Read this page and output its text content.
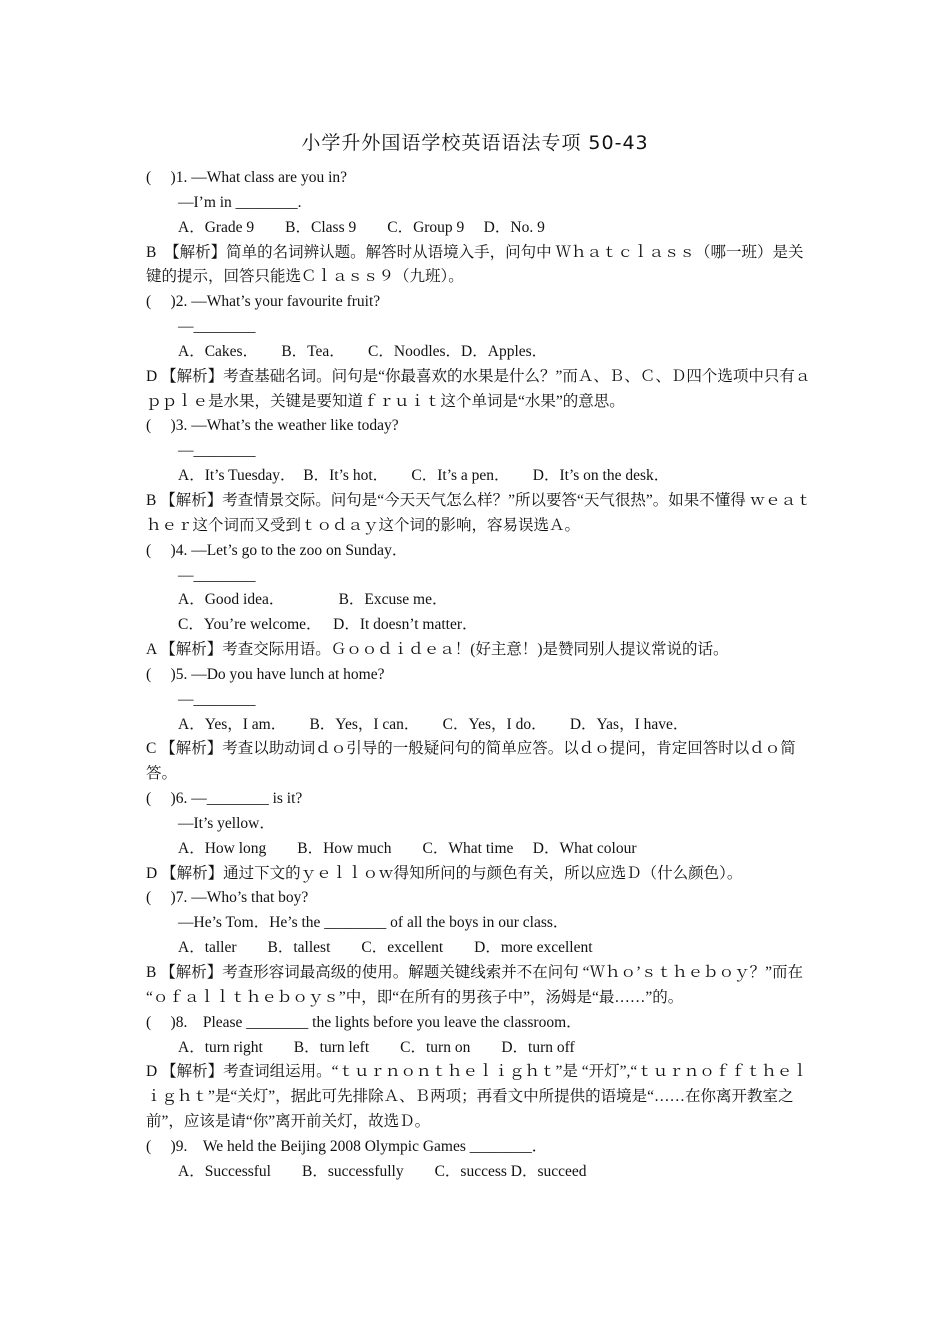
小学升外国语学校英语语法专项 50-43
(　 )1. —What class are you in?
—I’m in ________.
A．Grade 9　　B．Class 9　　C．Group 9　 D．No. 9
B　【解析】简单的名词辨认题。解答时从语境入手，问句中 Ｗｈａｔｃｌａｓｓ（哪一班）是关键的提示，回答只能选Ｃｌａｓｓ９（九班）。
(　 )2. —What’s your favourite fruit?
—________
A．Cakes．　　B．Tea．　　C．Noodles．D．Apples．
D 【解析】考查基础名词。问句是“你最喜欢的水果是什么？”而Ａ、Ｂ、Ｃ、Ｄ四个选项中只有ａｐｐｌｅ是水果，关键是要知道ｆｒｕｉｔ这个单词是“水果”的意思。
(　 )3. —What’s the weather like today?
—________
A．It’s Tuesday．　B．It’s hot．　　C．It’s a pen．　　D．It’s on the desk．
B 【解析】考查情景交际。问句是“今天天气怎么样？”所以要答“天气很热”。如果不懂得 ｗｅａｔｈｅｒ这个词而又受到ｔｏｄａｙ这个词的影响，容易误选Ａ。
(　 )4. —Let’s go to the zoo on Sunday．
—________
A．Good idea．　　　　B．Excuse me．
C．You’re welcome．　 D．It doesn’t matter．
A 【解析】考查交际用语。Ｇｏｏｄｉｄｅａ！(好主意！)是赞同别人提议常说的话。
(　 )5. —Do you have lunch at home?
—________
A．Yes，I am．　　B．Yes，I can．　　C．Yes，I do．　　D．Yas，I have．
C 【解析】考查以助动词ｄｏ引导的一般疑问句的简单应答。以ｄｏ提问，肯定回答时以ｄｏ简答。
(　 )6. —________ is it?
—It’s yellow．
A．How long　　B．How much　　C．What time　 D．What colour
D 【解析】通过下文的ｙｅｌｌｏｗ得知所问的与颜色有关，所以应选Ｄ（什么颜色）。
(　 )7. —Who’s that boy?
—He’s Tom．He’s the ________ of all the boys in our class．
A．taller　　B．tallest　　C．excellent　　D．more excellent
B 【解析】考查形容词最高级的使用。解题关键线索并不在问句 “Ｗｈｏ’ｓｔｈｅｂｏｙ？”而在 “ｏｆａｌｌｔｈｅｂｏｙｓ”中，即“在所有的男孩子中”，汤姆是“最……”的。
(　 )8.　Please ________ the lights before you leave the classroom．
A．turn right　　B．turn left　　C．turn on　　D．turn off
D 【解析】考查词组运用。“ｔｕｒｎｏｎｔｈｅｌｉｇｈｔ”是 “开灯”,“ｔｕｒｎｏｆｆｔｈｅｌｉｇｈｔ”是“关灯”，据此可先排除Ａ、Ｂ两项；再看文中所提供的语境是“……在你离开教室之前”，应该是请“你”离开前关灯，故选Ｄ。
(　 )9.　We held the Beijing 2008 Olympic Games ________．
A．Successful　　B．successfully　　C．success D．succeed
